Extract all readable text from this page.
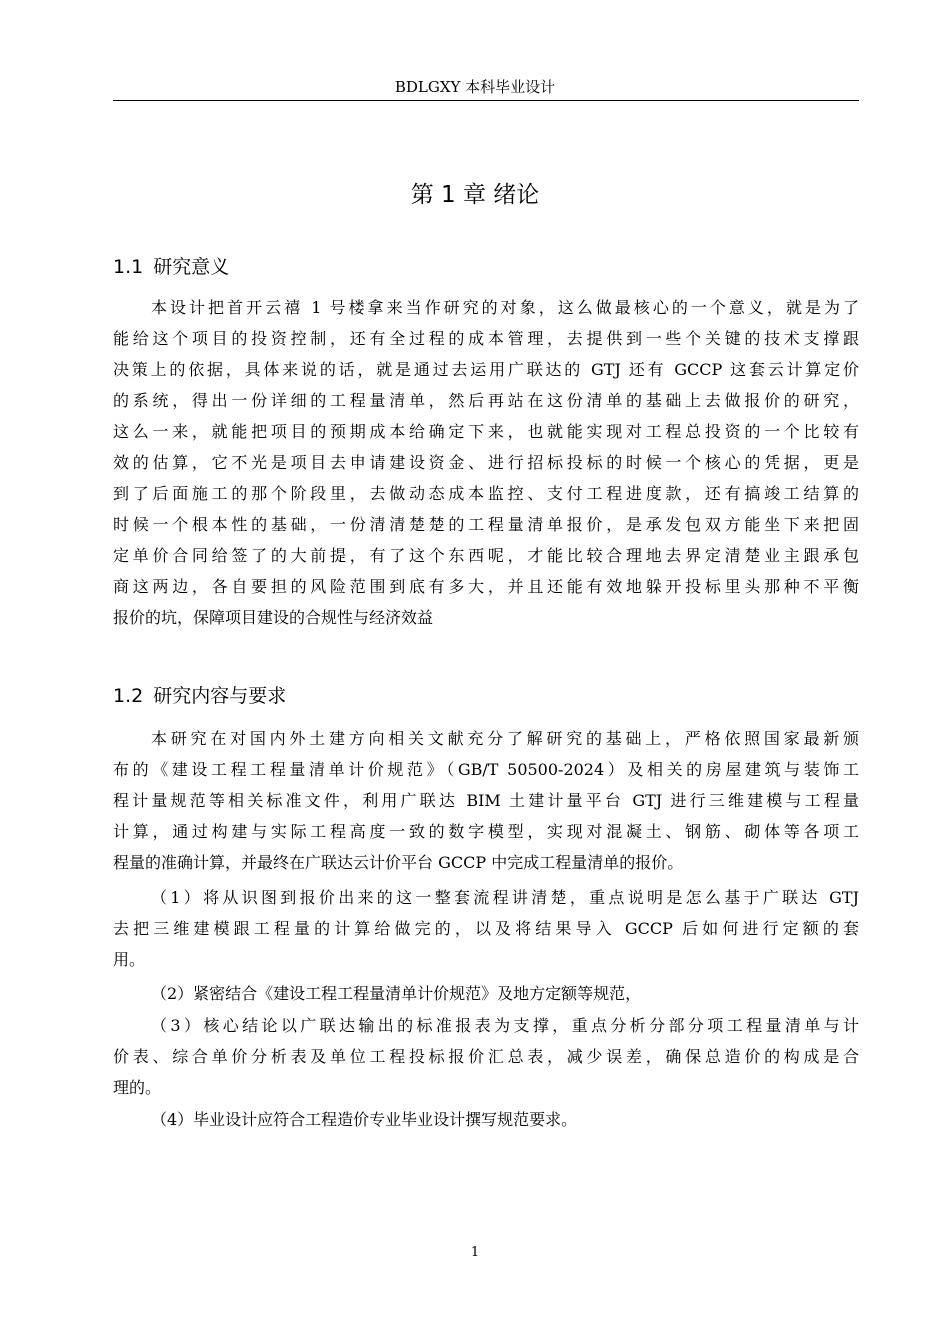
BDLGXY 本科毕业设计
第 1 章 绪论
1.1 研究意义
本设计把首开云禧 1 号楼拿来当作研究的对象，这么做最核心的一个意义，就是为了
能给这个项目的投资控制，还有全过程的成本管理，去提供到一些个关键的技术支撑跟
决策上的依据，具体来说的话，就是通过去运用广联达的 GTJ 还有 GCCP 这套云计算定价
的系统，得出一份详细的工程量清单，然后再站在这份清单的基础上去做报价的研究，
这么一来，就能把项目的预期成本给确定下来，也就能实现对工程总投资的一个比较有
效的估算，它不光是项目去申请建设资金、进行招标投标的时候一个核心的凭据，更是
到了后面施工的那个阶段里，去做动态成本监控、支付工程进度款，还有搞竣工结算的
时候一个根本性的基础，一份清清楚楚的工程量清单报价，是承发包双方能坐下来把固
定单价合同给签了的大前提，有了这个东西呢，才能比较合理地去界定清楚业主跟承包
商这两边，各自要担的风险范围到底有多大，并且还能有效地躲开投标里头那种不平衡
报价的坑，保障项目建设的合规性与经济效益
1.2 研究内容与要求
本研究在对国内外土建方向相关文献充分了解研究的基础上，严格依照国家最新颁
布的《建设工程工程量清单计价规范》（GB/T 50500-2024）及相关的房屋建筑与装饰工
程计量规范等相关标准文件，利用广联达 BIM 土建计量平台 GTJ 进行三维建模与工程量
计算，通过构建与实际工程高度一致的数字模型，实现对混凝土、钢筋、砌体等各项工
程量的准确计算，并最终在广联达云计价平台 GCCP 中完成工程量清单的报价。
（1）将从识图到报价出来的这一整套流程讲清楚，重点说明是怎么基于广联达 GTJ
去把三维建模跟工程量的计算给做完的，以及将结果导入 GCCP 后如何进行定额的套
用。
（2）紧密结合《建设工程工程量清单计价规范》及地方定额等规范，
（3）核心结论以广联达输出的标准报表为支撑，重点分析分部分项工程量清单与计
价表、综合单价分析表及单位工程投标报价汇总表，减少误差，确保总造价的构成是合
理的。
（4）毕业设计应符合工程造价专业毕业设计撰写规范要求。
1
